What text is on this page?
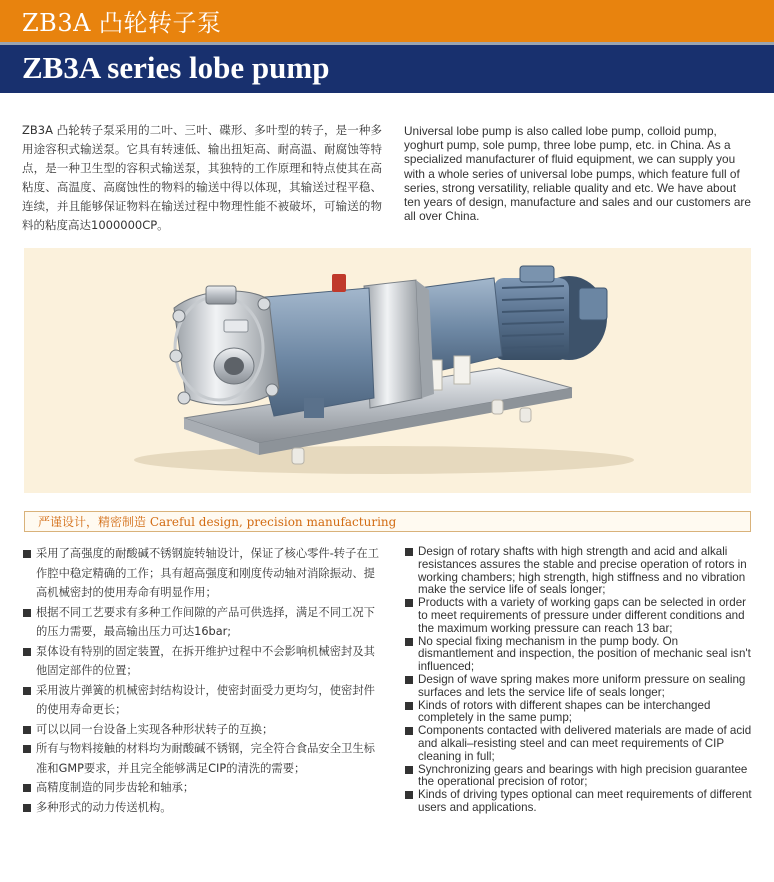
ZB3A 凸轮转子泵
ZB3A series lobe pump
ZB3A 凸轮转子泵采用的二叶、三叶、碟形、多叶型的转子，是一种多用途容积式输送泵。它具有转速低、输出扭矩高、耐高温、耐腐蚀等特点，是一种卫生型的容积式输送泵，其独特的工作原理和特点使其在高粘度、高温度、高腐蚀性的物料的输送中得以体现，其输送过程平稳、连续，并且能够保证物料在输送过程中物理性能不被破坏，可输送的物料的粘度高达1000000CP。
Universal lobe pump is also called lobe pump, colloid pump, yoghurt pump, sole pump, three lobe pump, etc. in China. As a specialized manufacturer of fluid equipment, we can supply you with a whole series of universal lobe pumps, which feature full of series, strong versatility, reliable quality and etc. We have about ten years of design, manufacture and sales and our customers are all over China.
严谨设计，精密制造 Careful design, precision manufacturing
采用了高强度的耐酸碱不锈钢旋转轴设计，保证了核心零件-转子在工作腔中稳定精确的工作；具有超高强度和刚度传动轴对消除振动、提高机械密封的使用寿命有明显作用；
根据不同工艺要求有多种工作间隙的产品可供选择，满足不同工况下的压力需要，最高输出压力可达16bar;
泵体设有特别的固定装置，在拆开维护过程中不会影响机械密封及其他固定部件的位置；
采用波片弹簧的机械密封结构设计，使密封面受力更均匀，使密封件的使用寿命更长；
可以以同一台设备上实现各种形状转子的互换；
所有与物料接触的材料均为耐酸碱不锈钢，完全符合食品安全卫生标准和GMP要求，并且完全能够满足CIP的清洗的需要；
高精度制造的同步齿轮和轴承；
多种形式的动力传送机构。
Design of rotary shafts with high strength and acid and alkali resistances assures the stable and precise operation of rotors in working chambers; high strength, high stiffness and no vibration make the service life of seals longer;
Products with a variety of working gaps can be selected in order to meet requirements of pressure under different conditions and the maximum working pressure can reach 13 bar;
No special fixing mechanism in the pump body. On dismantlement and inspection, the position of mechanic seal isn't influenced;
Design of wave spring makes more uniform pressure on sealing surfaces and lets the service life of seals longer;
Kinds of rotors with different shapes can be interchanged completely in the same pump;
Components contacted with delivered materials are made of acid and alkali–resisting steel and can meet requirements of CIP cleaning in full;
Synchronizing gears and bearings with high precision guarantee the operational precision of rotor;
Kinds of driving types optional can meet requirements of different users and applications.
